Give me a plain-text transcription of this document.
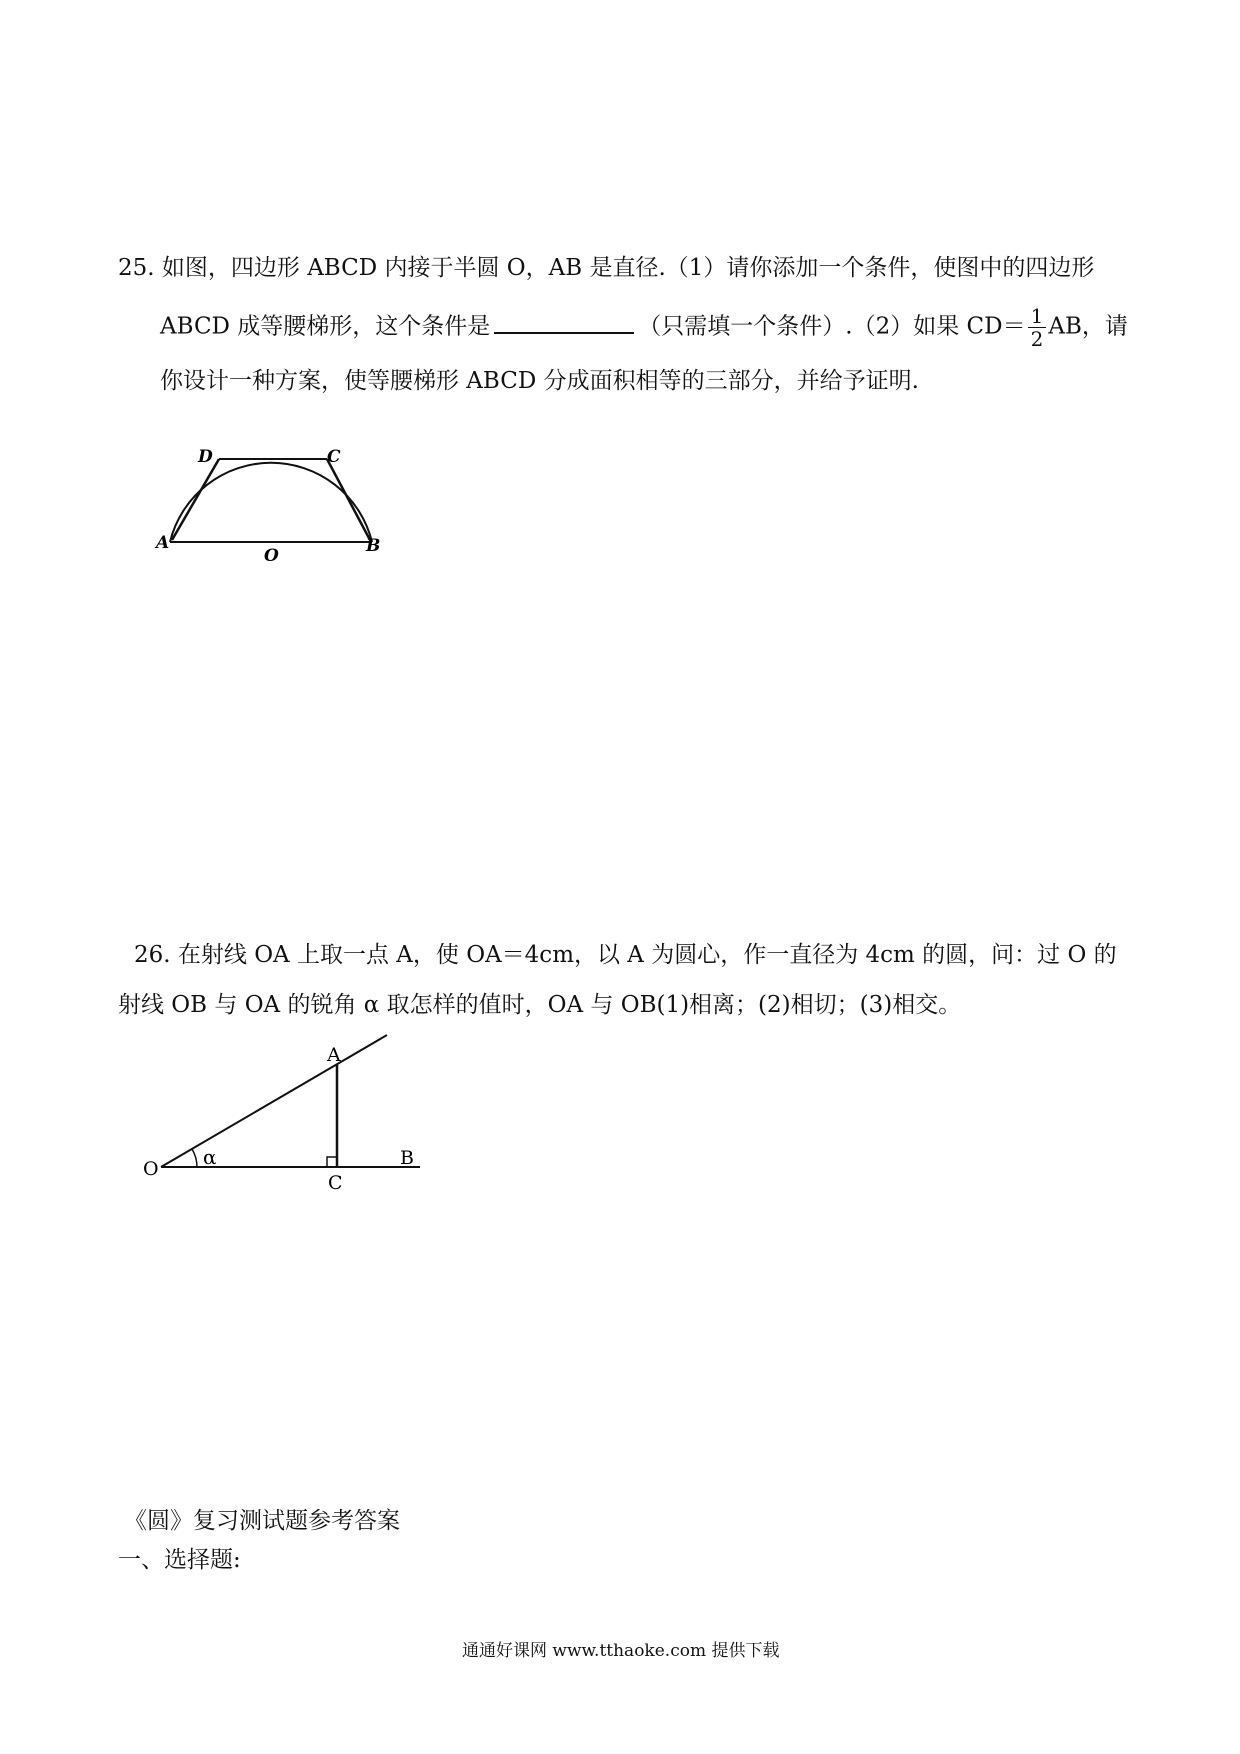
25. 如图，四边形 ABCD 内接于半圆 O，AB 是直径.（1）请你添加一个条件，使图中的四边形
ABCD 成等腰梯形，这个条件是	（只需填一个条件）.（2）如果 $CD= \frac{1}{2}$ AB，请
你设计一种方案，使等腰梯形 ABCD 分成面积相等的三部分，并给予证明.
D	C
A	B
O
26. 在射线 OA 上取一点 A，使 OA＝4cm，以 A 为圆心，作一直径为 4cm 的圆，问：过 O 的
射线 OB 与 OA 的锐角 α 取怎样的值时，OA 与 OB(1)相离；(2)相切；(3)相交。
A
B
C
O α
《圆》复习测试题参考答案
一、选择题:
通通好课网 www.tthaoke.com 提供下载
